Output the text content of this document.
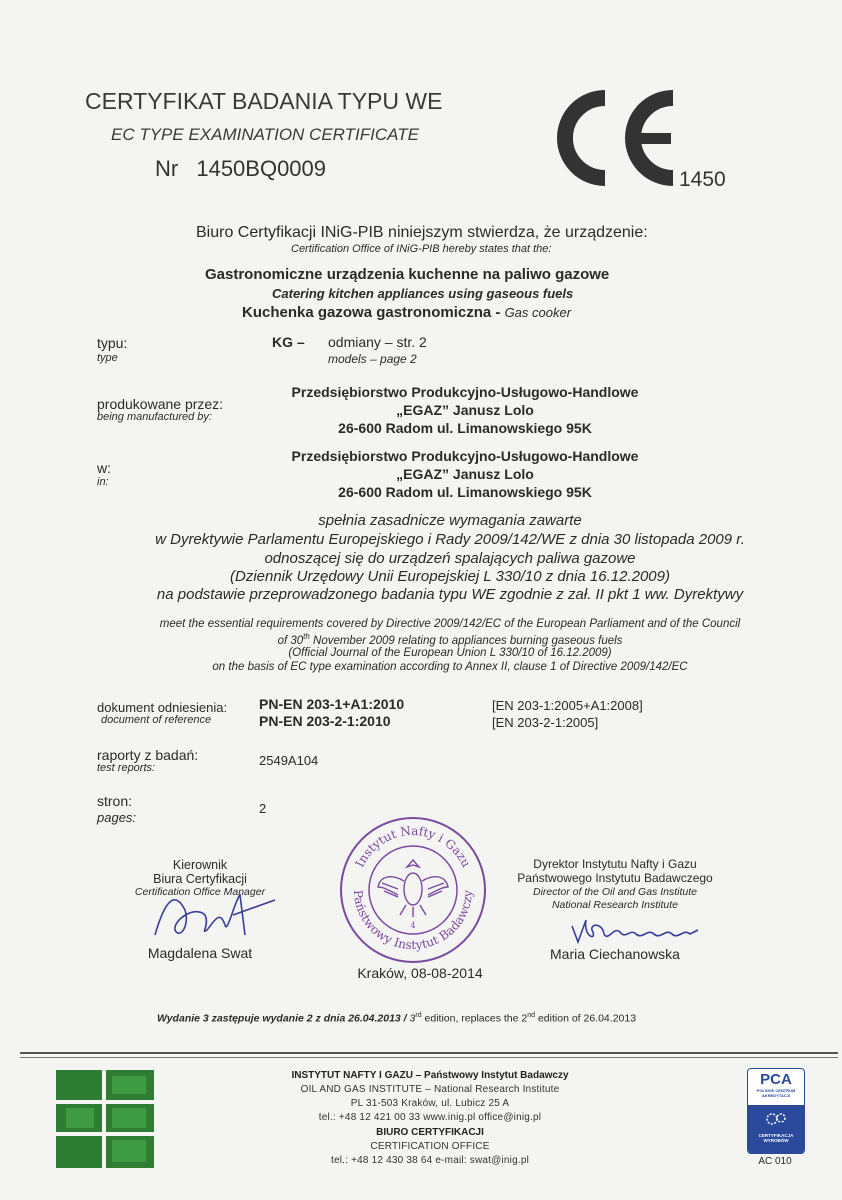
CERTYFIKAT BADANIA TYPU WE
EC TYPE EXAMINATION CERTIFICATE
Nr 1450BQ0009	1450
Biuro Certyfikacji INiG-PIB niniejszym stwierdza, że urządzenie:
Certification Office of INiG-PIB hereby states that the:
Gastronomiczne urządzenia kuchenne na paliwo gazowe
Catering kitchen appliances using gaseous fuels
Kuchenka gazowa gastronomiczna - Gas cooker
typu:
type
KG – odmiany – str. 2
models – page 2
produkowane przez:
being manufactured by:
Przedsiębiorstwo Produkcyjno-Usługowo-Handlowe
„EGAZ” Janusz Lolo
26-600 Radom ul. Limanowskiego 95K
w:
in:
Przedsiębiorstwo Produkcyjno-Usługowo-Handlowe
„EGAZ” Janusz Lolo
26-600 Radom ul. Limanowskiego 95K
spełnia zasadnicze wymagania zawarte
w Dyrektywie Parlamentu Europejskiego i Rady 2009/142/WE z dnia 30 listopada 2009 r.
odnoszącej się do urządzeń spalających paliwa gazowe
(Dziennik Urzędowy Unii Europejskiej L 330/10 z dnia 16.12.2009)
na podstawie przeprowadzonego badania typu WE zgodnie z zał. II pkt 1 ww. Dyrektywy
meet the essential requirements covered by Directive 2009/142/EC of the European Parliament and of the Council
of 30th November 2009 relating to appliances burning gaseous fuels
(Official Journal of the European Union L 330/10 of 16.12.2009)
on the basis of EC type examination according to Annex II, clause 1 of Directive 2009/142/EC
dokument odniesienia:
document of reference
PN-EN 203-1+A1:2010
PN-EN 203-2-1:2010
[EN 203-1:2005+A1:2008]
[EN 203-2-1:2005]
raporty z badań:
test reports:	2549A104
stron:
pages:
2
Kierownik
Biura Certyfikacji
Certification Office Manager
Magdalena Swat
Instytut Nafty i Gazu
Państwowy Instytut Badawczy
4
Kraków, 08-08-2014
Dyrektor Instytutu Nafty i Gazu
Państwowego Instytutu Badawczego
Director of the Oil and Gas Institute
National Research Institute
Maria Ciechanowska
Wydanie 3 zastępuje wydanie 2 z dnia 26.04.2013 / 3rd edition, replaces the 2nd edition of 26.04.2013
INSTYTUT NAFTY I GAZU – Państwowy Instytut Badawczy
OIL AND GAS INSTITUTE – National Research Institute
PL 31-503 Kraków, ul. Lubicz 25 A
tel.: +48 12 421 00 33 www.inig.pl office@inig.pl
BIURO CERTYFIKACJI
CERTIFICATION OFFICE
tel.: +48 12 430 38 64 e-mail: swat@inig.pl
PCA
POLSKIE CENTRUM
AKREDYTACJI
CERTYFIKACJA
WYROBÓW
AC 010
